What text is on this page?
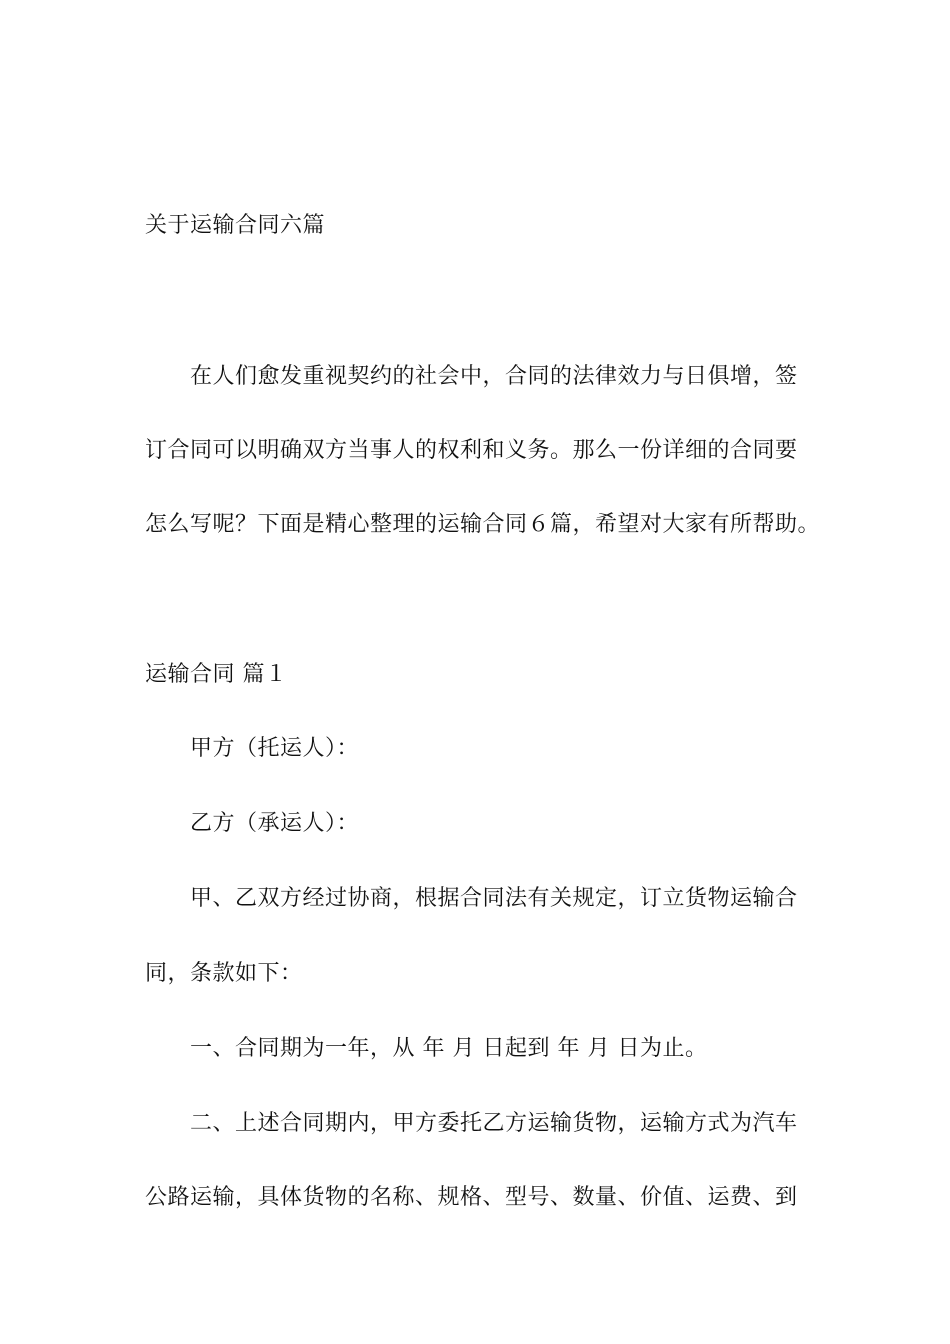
关于运输合同六篇
在人们愈发重视契约的社会中，合同的法律效力与日俱增，签
订合同可以明确双方当事人的权利和义务。那么一份详细的合同要
怎么写呢？下面是精心整理的运输合同６篇，希望对大家有所帮助。
运输合同 篇１
甲方（托运人）：
乙方（承运人）：
甲、乙双方经过协商，根据合同法有关规定，订立货物运输合
同，条款如下：
一、合同期为一年，从 年 月 日起到 年 月 日为止。
二、上述合同期内，甲方委托乙方运输货物，运输方式为汽车
公路运输，具体货物的名称、规格、型号、数量、价值、运费、到
